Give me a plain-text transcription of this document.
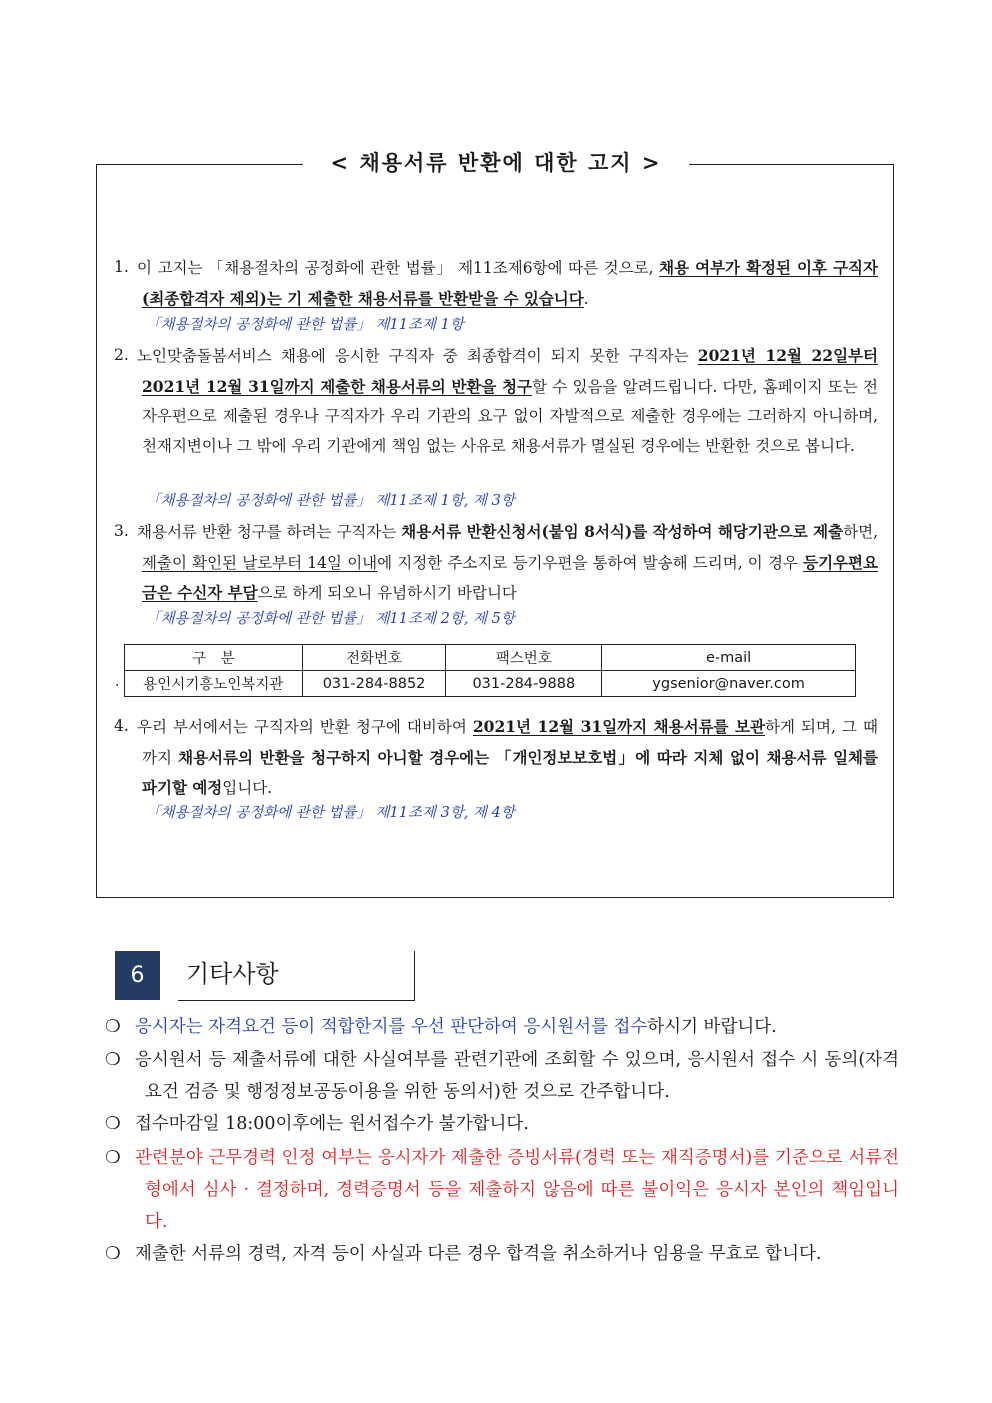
< 채용서류 반환에 대한 고지 >
1. 이 고지는 「채용절차의 공정화에 관한 법률」 제11조제6항에 따른 것으로, 채용 여부가 확정된 이후 구직자(최종합격자 제외)는 기 제출한 채용서류를 반환받을 수 있습니다.
「채용절차의 공정화에 관한 법률」 제11조제 1항
2. 노인맞춤돌봄서비스 채용에 응시한 구직자 중 최종합격이 되지 못한 구직자는 2021년 12월 22일부터 2021년 12월 31일까지 제출한 채용서류의 반환을 청구할 수 있음을 알려드립니다. 다만, 홈페이지 또는 전자우편으로 제출된 경우나 구직자가 우리 기관의 요구 없이 자발적으로 제출한 경우에는 그러하지 아니하며, 천재지변이나 그 밖에 우리 기관에게 책임 없는 사유로 채용서류가 멸실된 경우에는 반환한 것으로 봅니다.
「채용절차의 공정화에 관한 법률」 제11조제 1항, 제 3항
3. 채용서류 반환 청구를 하려는 구직자는 채용서류 반환신청서(붙임 8서식)를 작성하여 해당기관으로 제출하면, 제출이 확인된 날로부터 14일 이내에 지정한 주소지로 등기우편을 통하여 발송해 드리며, 이 경우 등기우편요금은 수신자 부담으로 하게 되오니 유념하시기 바랍니다
「채용절차의 공정화에 관한 법률」 제11조제 2항, 제 5항
.
구　분	전화번호	팩스번호	e-mail
용인시기흥노인복지관	031-284-8852	031-284-9888	ygsenior@naver.com
4. 우리 부서에서는 구직자의 반환 청구에 대비하여 2021년 12월 31일까지 채용서류를 보관하게 되며, 그 때까지 채용서류의 반환을 청구하지 아니할 경우에는 「개인정보보호법」에 따라 지체 없이 채용서류 일체를 파기할 예정입니다.
「채용절차의 공정화에 관한 법률」 제11조제 3항, 제 4항
6	기타사항
❍ 응시자는 자격요건 등이 적합한지를 우선 판단하여 응시원서를 접수하시기 바랍니다.
❍ 응시원서 등 제출서류에 대한 사실여부를 관련기관에 조회할 수 있으며, 응시원서 접수 시 동의(자격요건 검증 및 행정정보공동이용을 위한 동의서)한 것으로 간주합니다.
❍ 접수마감일 18:00이후에는 원서접수가 불가합니다.
❍ 관련분야 근무경력 인정 여부는 응시자가 제출한 증빙서류(경력 또는 재직증명서)를 기준으로 서류전형에서 심사 · 결정하며, 경력증명서 등을 제출하지 않음에 따른 불이익은 응시자 본인의 책임입니다.
❍ 제출한 서류의 경력, 자격 등이 사실과 다른 경우 합격을 취소하거나 임용을 무효로 합니다.
